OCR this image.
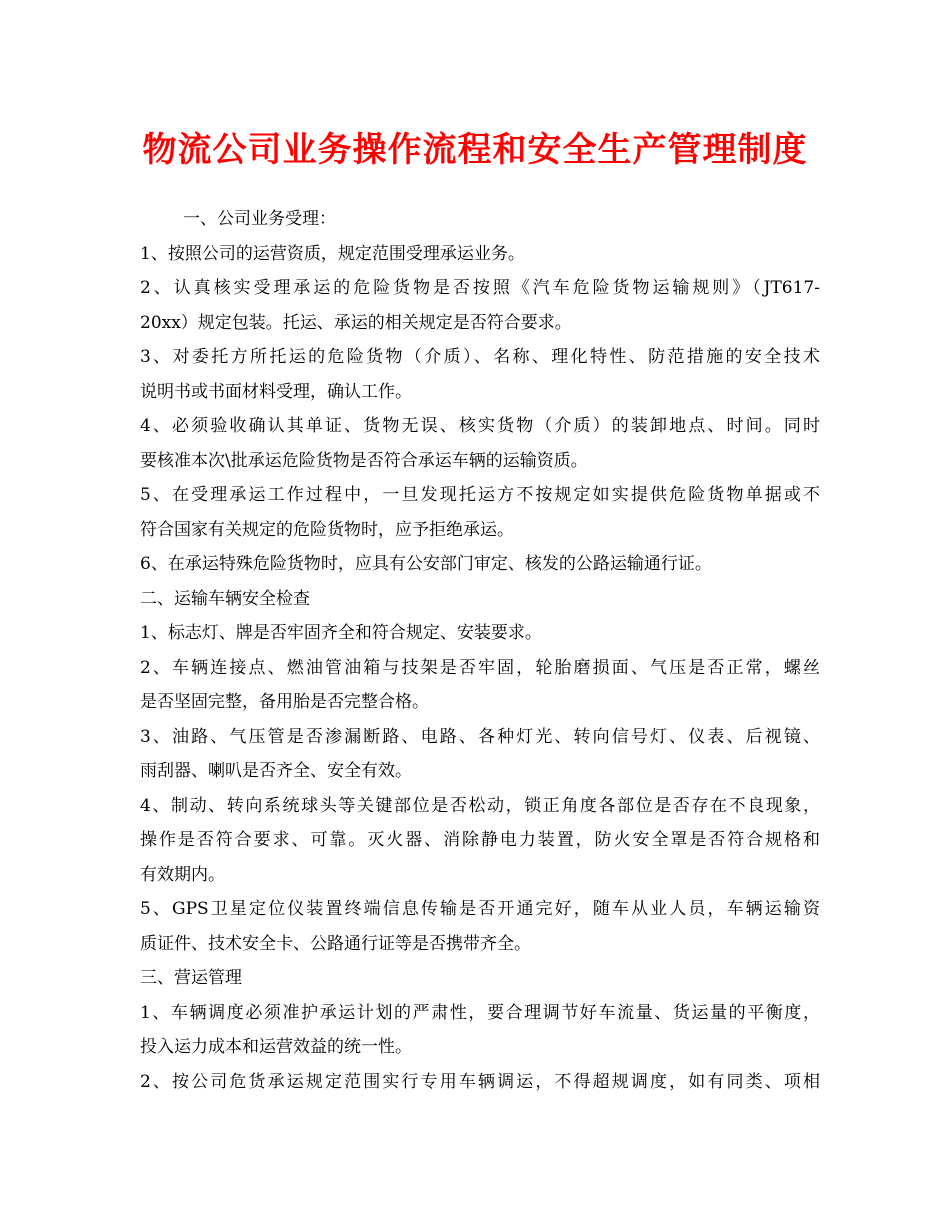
物流公司业务操作流程和安全生产管理制度
一、公司业务受理：
1、按照公司的运营资质，规定范围受理承运业务。
2、认真核实受理承运的危险货物是否按照《汽车危险货物运输规则》（JT617-
20xx）规定包装。托运、承运的相关规定是否符合要求。
3、对委托方所托运的危险货物（介质）、名称、理化特性、防范措施的安全技术
说明书或书面材料受理，确认工作。
4、必须验收确认其单证、货物无误、核实货物（介质）的装卸地点、时间。同时
要核准本次\批承运危险货物是否符合承运车辆的运输资质。
5、在受理承运工作过程中，一旦发现托运方不按规定如实提供危险货物单据或不
符合国家有关规定的危险货物时，应予拒绝承运。
6、在承运特殊危险货物时，应具有公安部门审定、核发的公路运输通行证。
二、运输车辆安全检查
1、标志灯、牌是否牢固齐全和符合规定、安装要求。
2、车辆连接点、燃油管油箱与技架是否牢固，轮胎磨损面、气压是否正常，螺丝
是否坚固完整，备用胎是否完整合格。
3、油路、气压管是否渗漏断路、电路、各种灯光、转向信号灯、仪表、后视镜、
雨刮器、喇叭是否齐全、安全有效。
4、制动、转向系统球头等关键部位是否松动，锁正角度各部位是否存在不良现象，
操作是否符合要求、可靠。灭火器、消除静电力装置，防火安全罩是否符合规格和
有效期内。
5、GPS卫星定位仪装置终端信息传输是否开通完好，随车从业人员，车辆运输资
质证件、技术安全卡、公路通行证等是否携带齐全。
三、营运管理
1、车辆调度必须准护承运计划的严肃性，要合理调节好车流量、货运量的平衡度，
投入运力成本和运营效益的统一性。
2、按公司危货承运规定范围实行专用车辆调运，不得超规调度，如有同类、项相
